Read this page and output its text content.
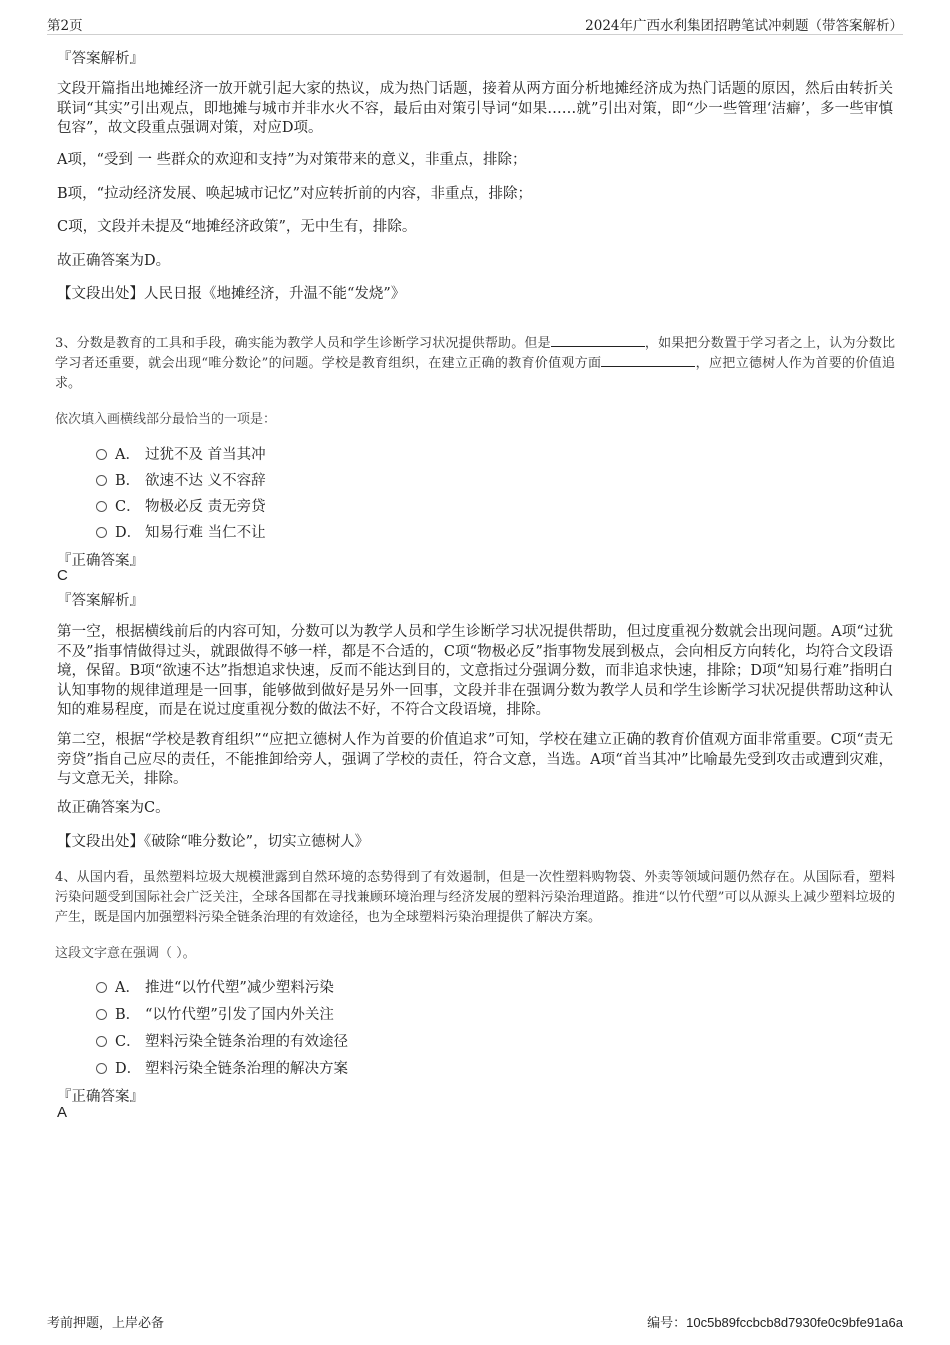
第2页	2024年广西水利集团招聘笔试冲刺题（带答案解析）
『答案解析』
文段开篇指出地摊经济一放开就引起大家的热议，成为热门话题，接着从两方面分析地摊经济成为热门话题的原因，然后由转折关联词“其实”引出观点，即地摊与城市并非水火不容，最后由对策引导词“如果……就”引出对策，即“少一些管理‘洁癖’，多一些审慎包容”，故文段重点强调对策，对应D项。
A项，“受到 一 些群众的欢迎和支持”为对策带来的意义，非重点，排除；
B项，“拉动经济发展、唤起城市记忆”对应转折前的内容，非重点，排除；
C项，文段并未提及“地摊经济政策”，无中生有，排除。
故正确答案为D。
【文段出处】人民日报《地摊经济，升温不能“发烧”》
3、分数是教育的工具和手段，确实能为教学人员和学生诊断学习状况提供帮助。但是	，如果把分数置于学习者之上，认为分数比学习者还重要，就会出现“唯分数论”的问题。学校是教育组织，在建立正确的教育价值观方面	，应把立德树人作为首要的价值追求。
依次填入画横线部分最恰当的一项是：
A． 过犹不及 首当其冲
B． 欲速不达 义不容辞
C． 物极必反 责无旁贷
D． 知易行难 当仁不让
『正确答案』
C
『答案解析』
第一空，根据横线前后的内容可知，分数可以为教学人员和学生诊断学习状况提供帮助，但过度重视分数就会出现问题。A项“过犹不及”指事情做得过头，就跟做得不够一样，都是不合适的，C项“物极必反”指事物发展到极点，会向相反方向转化，均符合文段语境，保留。B项“欲速不达”指想追求快速，反而不能达到目的，文意指过分强调分数，而非追求快速，排除；D项“知易行难”指明白认知事物的规律道理是一回事，能够做到做好是另外一回事，文段并非在强调分数为教学人员和学生诊断学习状况提供帮助这种认知的难易程度，而是在说过度重视分数的做法不好，不符合文段语境，排除。
第二空，根据“学校是教育组织”“应把立德树人作为首要的价值追求”可知，学校在建立正确的教育价值观方面非常重要。C项“责无旁贷”指自己应尽的责任，不能推卸给旁人，强调了学校的责任，符合文意，当选。A项“首当其冲”比喻最先受到攻击或遭到灾难，与文意无关，排除。
故正确答案为C。
【文段出处】《破除“唯分数论”，切实立德树人》
4、从国内看，虽然塑料垃圾大规模泄露到自然环境的态势得到了有效遏制，但是一次性塑料购物袋、外卖等领域问题仍然存在。从国际看，塑料污染问题受到国际社会广泛关注，全球各国都在寻找兼顾环境治理与经济发展的塑料污染治理道路。推进“以竹代塑”可以从源头上减少塑料垃圾的产生，既是国内加强塑料污染全链条治理的有效途径，也为全球塑料污染治理提供了解决方案。
这段文字意在强调（ ）。
A． 推进“以竹代塑”减少塑料污染
B． “以竹代塑”引发了国内外关注
C． 塑料污染全链条治理的有效途径
D． 塑料污染全链条治理的解决方案
『正确答案』
A
考前押题，上岸必备	编号：10c5b89fccbcb8d7930fe0c9bfe91a6a
